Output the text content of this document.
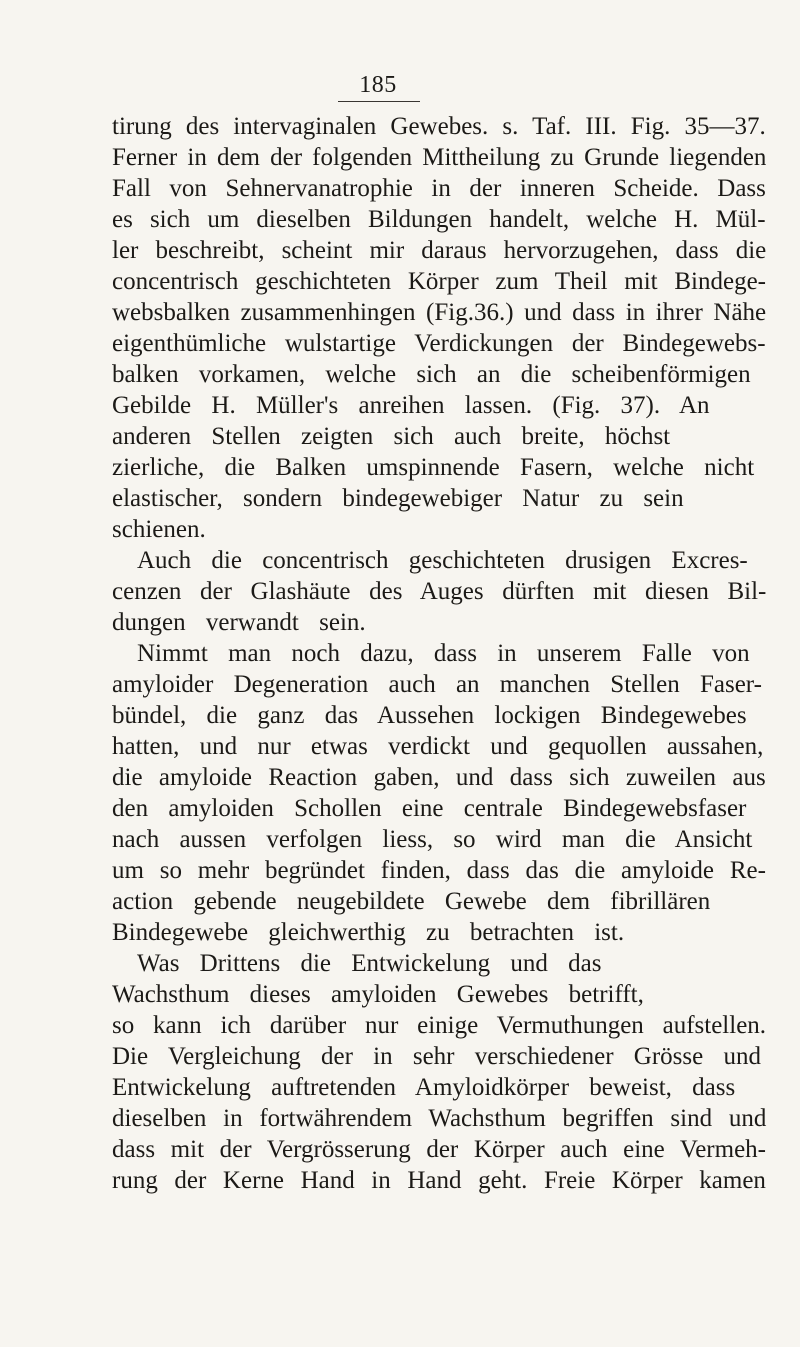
185
tirung des intervaginalen Gewebes. s. Taf. III. Fig. 35—37.
Ferner in dem der folgenden Mittheilung zu Grunde liegenden
Fall von Sehnervanatrophie in der inneren Scheide. Dass
es sich um dieselben Bildungen handelt, welche H. Mül-
ler beschreibt, scheint mir daraus hervorzugehen, dass die
concentrisch geschichteten Körper zum Theil mit Bindege-
websbalken zusammenhingen (Fig.36.) und dass in ihrer Nähe
eigenthümliche wulstartige Verdickungen der Bindegewebs-
balken vorkamen, welche sich an die scheibenförmigen
Gebilde H. Müller's anreihen lassen. (Fig. 37). An
anderen Stellen zeigten sich auch breite, höchst
zierliche, die Balken umspinnende Fasern, welche nicht
elastischer, sondern bindegewebiger Natur zu sein
schienen.
Auch die concentrisch geschichteten drusigen Excres-
cenzen der Glashäute des Auges dürften mit diesen Bil-
dungen verwandt sein.
Nimmt man noch dazu, dass in unserem Falle von
amyloider Degeneration auch an manchen Stellen Faser-
bündel, die ganz das Aussehen lockigen Bindegewebes
hatten, und nur etwas verdickt und gequollen aussahen,
die amyloide Reaction gaben, und dass sich zuweilen aus
den amyloiden Schollen eine centrale Bindegewebsfaser
nach aussen verfolgen liess, so wird man die Ansicht
um so mehr begründet finden, dass das die amyloide Re-
action gebende neugebildete Gewebe dem fibrillären
Bindegewebe gleichwerthig zu betrachten ist.
Was Drittens die Entwickelung und das
Wachsthum dieses amyloiden Gewebes betrifft,
so kann ich darüber nur einige Vermuthungen aufstellen.
Die Vergleichung der in sehr verschiedener Grösse und
Entwickelung auftretenden Amyloidkörper beweist, dass
dieselben in fortwährendem Wachsthum begriffen sind und
dass mit der Vergrösserung der Körper auch eine Vermeh-
rung der Kerne Hand in Hand geht. Freie Körper kamen
